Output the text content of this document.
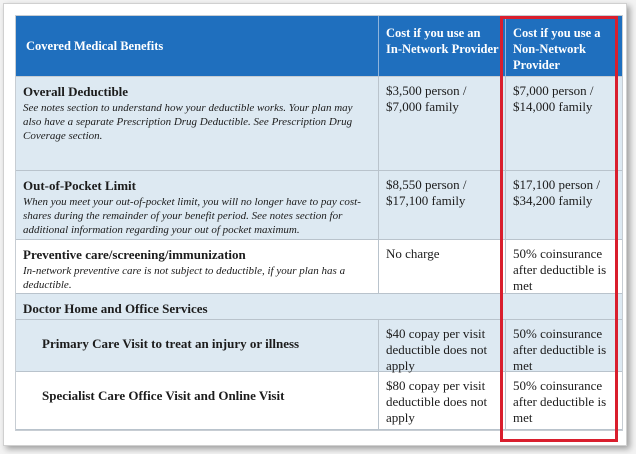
Covered Medical Benefits
Cost if you use an In-Network Provider
Cost if you use a Non-Network Provider
Overall Deductible
See notes section to understand how your deductible works. Your plan may also have a separate Prescription Drug Deductible. See Prescription Drug Coverage section.
$3,500 person / $7,000 family
$7,000 person / $14,000 family
Out-of-Pocket Limit
When you meet your out-of-pocket limit, you will no longer have to pay cost-shares during the remainder of your benefit period. See notes section for additional information regarding your out of pocket maximum.
$8,550 person / $17,100 family
$17,100 person / $34,200 family
Preventive care/screening/immunization
In-network preventive care is not subject to deductible, if your plan has a deductible.
No charge	50% coinsurance after deductible is met
Doctor Home and Office Services
Primary Care Visit to treat an injury or illness
$40 copay per visit deductible does not apply
50% coinsurance after deductible is met
Specialist Care Office Visit and Online Visit
$80 copay per visit deductible does not apply
50% coinsurance after deductible is met
